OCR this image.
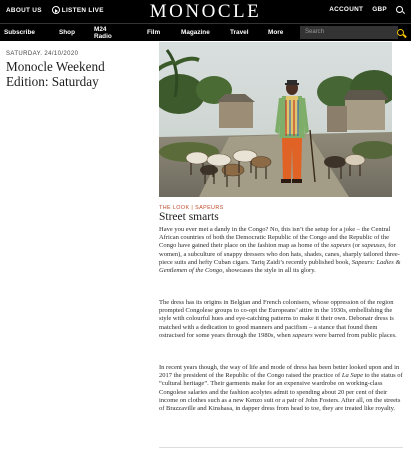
ABOUT US	LISTEN LIVE	MONOCLE	ACCOUNT GBP
Subscribe	Shop	M24 Radio	Film	Magazine	Travel	More	Search
SATURDAY. 24/10/2020
Monocle Weekend Edition: Saturday
THE LOOK | SAPEURS
Street smarts

Have you ever met a dandy in the Congo? No, this isn’t the setup for a joke – the Central African countries of both the Democratic Republic of the Congo and the Republic of the Congo have gained their place on the fashion map as home of the sapeurs (or sapeuses, for women), a subculture of snappy dressers who don hats, shades, canes, sharply tailored three-piece suits and hefty Cuban cigars. Tariq Zaidi’s recently published book, Sapeurs: Ladies & Gentlemen of the Congo, showcases the style in all its glory.

The dress has its origins in Belgian and French colonisers, whose oppression of the region prompted Congolese groups to co-opt the Europeans’ attire in the 1930s, embellishing the style with colourful hues and eye-catching patterns to make it their own. Debonair dress is matched with a dedication to good manners and pacifism – a stance that found them ostracised for some years through the 1980s, when sapeurs were barred from public places.

In recent years though, the way of life and mode of dress has been better looked upon and in 2017 the president of the Republic of the Congo raised the practice of La Sape to the status of “cultural heritage”. Their garments make for an expensive wardrobe on working-class Congolese salaries and the fashion acolytes admit to spending about 20 per cent of their income on clothes such as a new Kenzo suit or a pair of John Fosters. After all, on the streets of Brazzaville and Kinshasa, in dapper dress from head to toe, they are treated like royalty.
